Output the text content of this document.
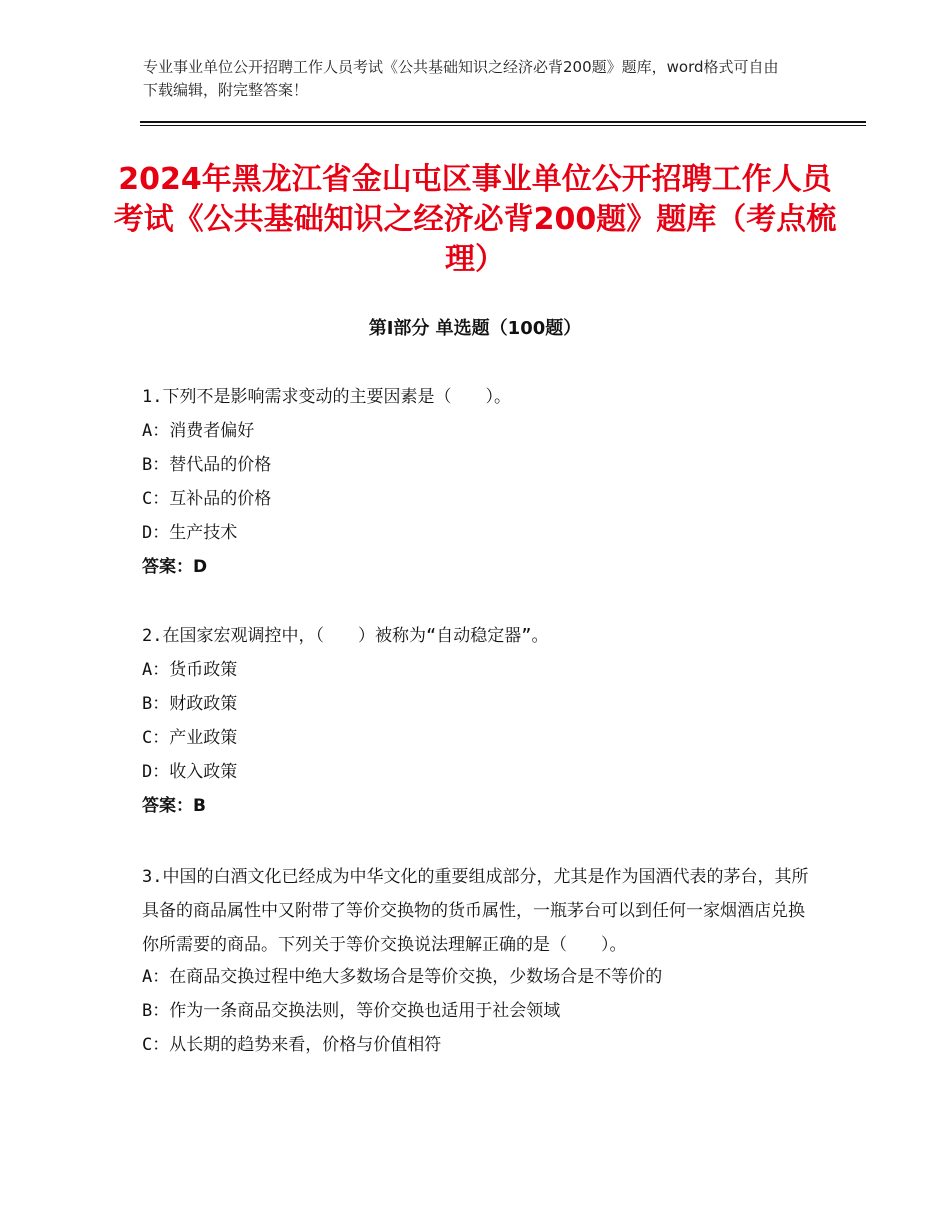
专业事业单位公开招聘工作人员考试《公共基础知识之经济必背200题》题库，word格式可自由下载编辑，附完整答案！
2024年黑龙江省金山屯区事业单位公开招聘工作人员考试《公共基础知识之经济必背200题》题库（考点梳理）
第Ⅰ部分 单选题（100题）
1.下列不是影响需求变动的主要因素是（　　）。
A：消费者偏好
B：替代品的价格
C：互补品的价格
D：生产技术
答案：D
2.在国家宏观调控中，（　　）被称为“自动稳定器”。
A：货币政策
B：财政政策
C：产业政策
D：收入政策
答案：B
3.中国的白酒文化已经成为中华文化的重要组成部分，尤其是作为国酒代表的茅台，其所具备的商品属性中又附带了等价交换物的货币属性，一瓶茅台可以到任何一家烟酒店兑换你所需要的商品。下列关于等价交换说法理解正确的是（　　）。
A：在商品交换过程中绝大多数场合是等价交换，少数场合是不等价的
B：作为一条商品交换法则，等价交换也适用于社会领域
C：从长期的趋势来看，价格与价值相符
